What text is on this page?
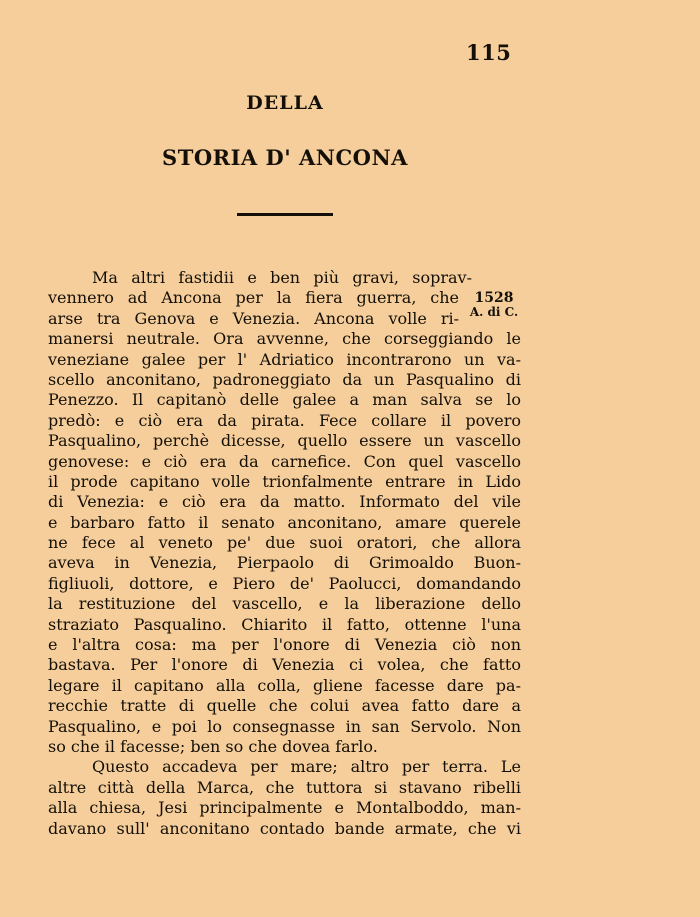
115
DELLA
STORIA D' ANCONA
1528
A. di C.
Ma altri fastidii e ben più gravi, soprav-
vennero ad Ancona per la fiera guerra, che
arse tra Genova e Venezia. Ancona volle ri-
manersi neutrale. Ora avvenne, che corseggiando le
veneziane galee per l' Adriatico incontrarono un va-
scello anconitano, padroneggiato da un Pasqualino di
Penezzo. Il capitanò delle galee a man salva se lo
predò: e ciò era da pirata. Fece collare il povero
Pasqualino, perchè dicesse, quello essere un vascello
genovese: e ciò era da carnefice. Con quel vascello
il prode capitano volle trionfalmente entrare in Lido
di Venezia: e ciò era da matto. Informato del vile
e barbaro fatto il senato anconitano, amare querele
ne fece al veneto pe' due suoi oratori, che allora
aveva in Venezia, Pierpaolo di Grimoaldo Buon-
figliuoli, dottore, e Piero de' Paolucci, domandando
la restituzione del vascello, e la liberazione dello
straziato Pasqualino. Chiarito il fatto, ottenne l'una
e l'altra cosa: ma per l'onore di Venezia ciò non
bastava. Per l'onore di Venezia ci volea, che fatto
legare il capitano alla colla, gliene facesse dare pa-
recchie tratte di quelle che colui avea fatto dare a
Pasqualino, e poi lo consegnasse in san Servolo. Non
so che il facesse; ben so che dovea farlo.
Questo accadeva per mare; altro per terra. Le
altre città della Marca, che tuttora si stavano ribelli
alla chiesa, Jesi principalmente e Montalboddo, man-
davano sull' anconitano contado bande armate, che vi
